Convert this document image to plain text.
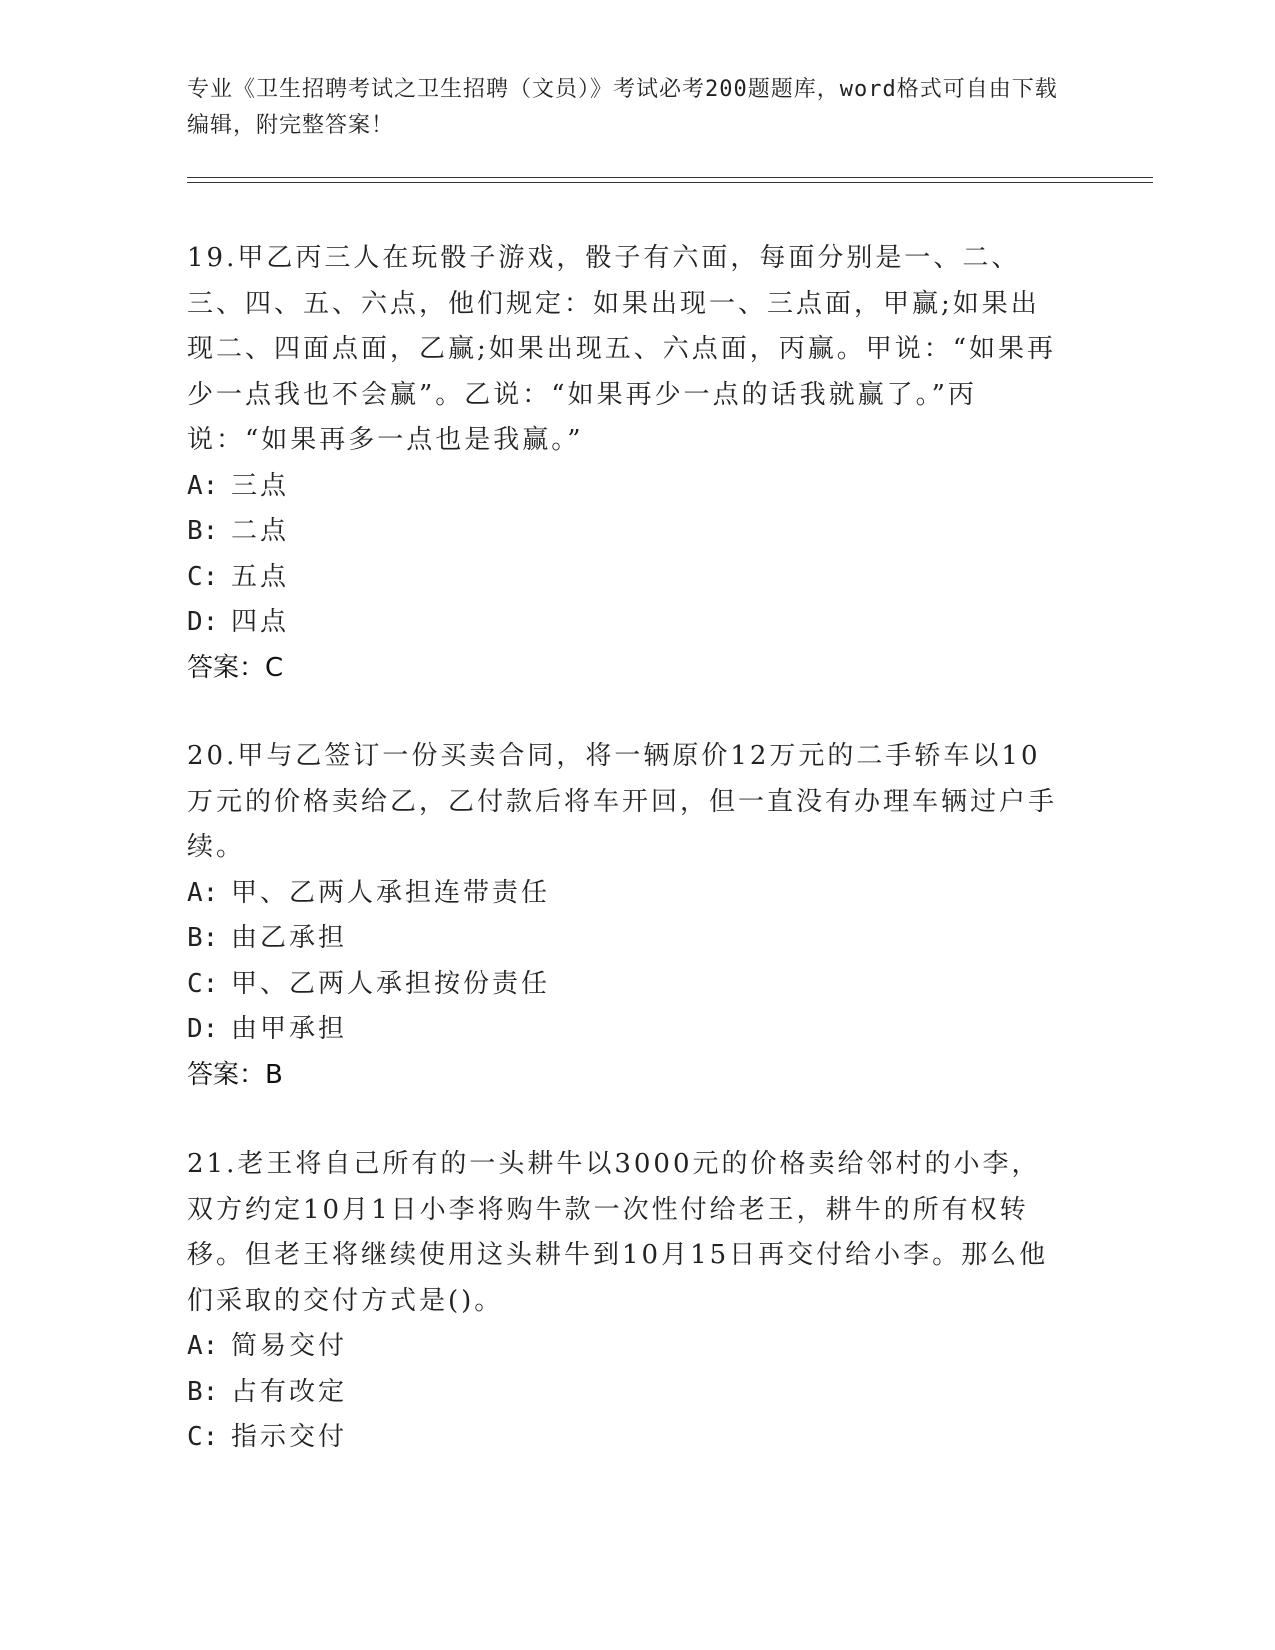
专业《卫生招聘考试之卫生招聘（文员）》考试必考200题题库，word格式可自由下载编辑，附完整答案！
19.甲乙丙三人在玩骰子游戏，骰子有六面，每面分别是一、二、三、四、五、六点，他们规定：如果出现一、三点面，甲赢;如果出现二、四面点面，乙赢;如果出现五、六点面，丙赢。甲说：“如果再少一点我也不会赢”。乙说：“如果再少一点的话我就赢了。”丙说：“如果再多一点也是我赢。”
A: 三点
B: 二点
C: 五点
D: 四点
答案：C
20.甲与乙签订一份买卖合同，将一辆原价12万元的二手轿车以10万元的价格卖给乙，乙付款后将车开回，但一直没有办理车辆过户手续。
A: 甲、乙两人承担连带责任
B: 由乙承担
C: 甲、乙两人承担按份责任
D: 由甲承担
答案：B
21.老王将自己所有的一头耕牛以3000元的价格卖给邻村的小李，双方约定10月1日小李将购牛款一次性付给老王，耕牛的所有权转移。但老王将继续使用这头耕牛到10月15日再交付给小李。那么他们采取的交付方式是()。
A: 简易交付
B: 占有改定
C: 指示交付
